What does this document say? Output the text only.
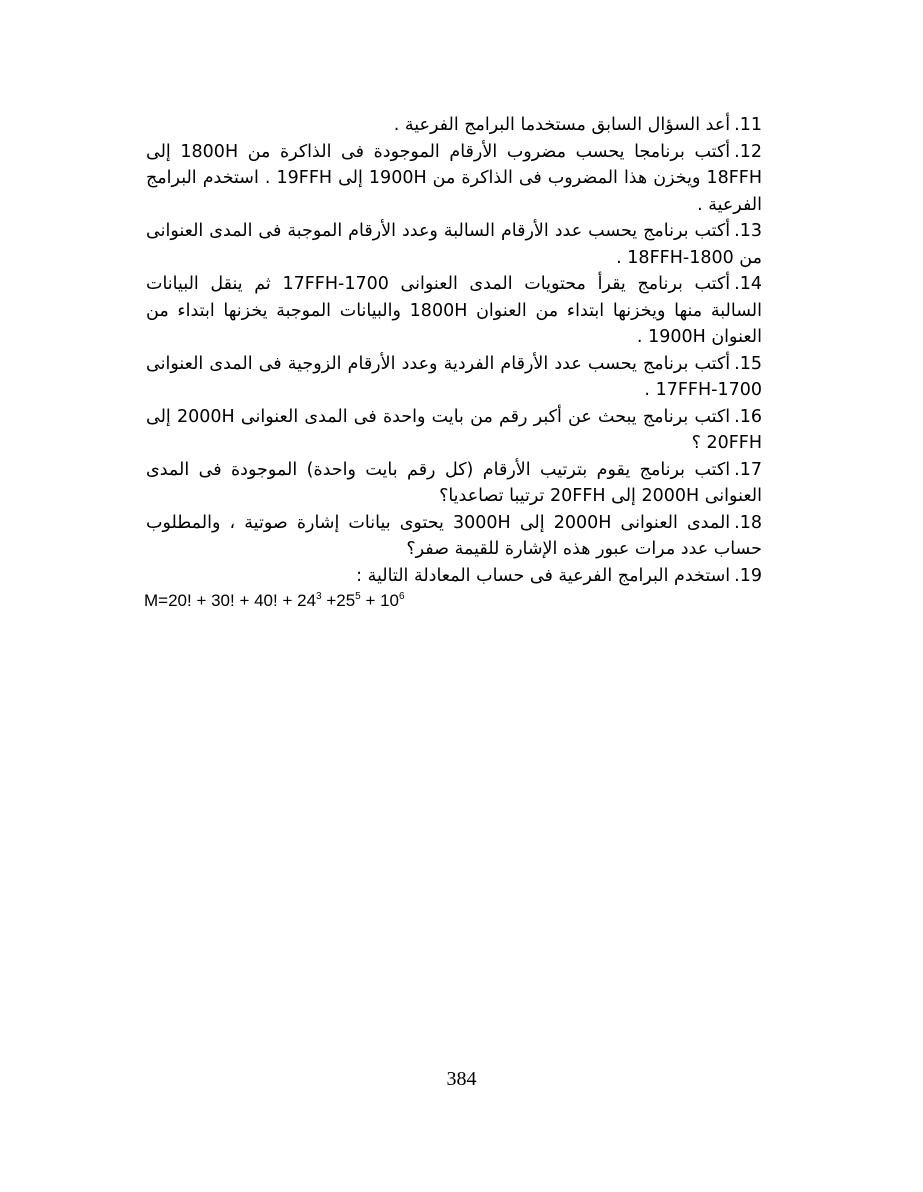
11.أعد السؤال السابق مستخدما البرامج الفرعية .

12.أكتب برنامجا يحسب مضروب الأرقام الموجودة فى الذاكرة من 1800H إلى 18FFH ويخزن هذا المضروب فى الذاكرة من 1900H إلى 19FFH . استخدم البرامج الفرعية .

13.أكتب برنامج يحسب عدد الأرقام السالبة وعدد الأرقام الموجبة فى المدى العنوانى من 1800-18FFH .

14.أكتب برنامج يقرأ محتويات المدى العنوانى 1700-17FFH ثم ينقل البيانات السالبة منها ويخزنها ابتداء من العنوان 1800H والبيانات الموجبة يخزنها ابتداء من العنوان 1900H .

15.أكتب برنامج يحسب عدد الأرقام الفردية وعدد الأرقام الزوجية فى المدى العنوانى 1700-17FFH .

16.اكتب برنامج يبحث عن أكبر رقم من بايت واحدة فى المدى العنوانى 2000H إلى 20FFH ؟

17.اكتب برنامج يقوم بترتيب الأرقام (كل رقم بايت واحدة) الموجودة فى المدى العنوانى 2000H إلى 20FFH ترتيبا تصاعديا؟

18.المدى العنوانى 2000H إلى 3000H يحتوى بيانات إشارة صوتية ، والمطلوب حساب عدد مرات عبور هذه الإشارة للقيمة صفر؟

19.استخدم البرامج الفرعية فى حساب المعادلة التالية :

M=20! + 30! + 40! + $24^3 +25^5 + 10^6$
384
